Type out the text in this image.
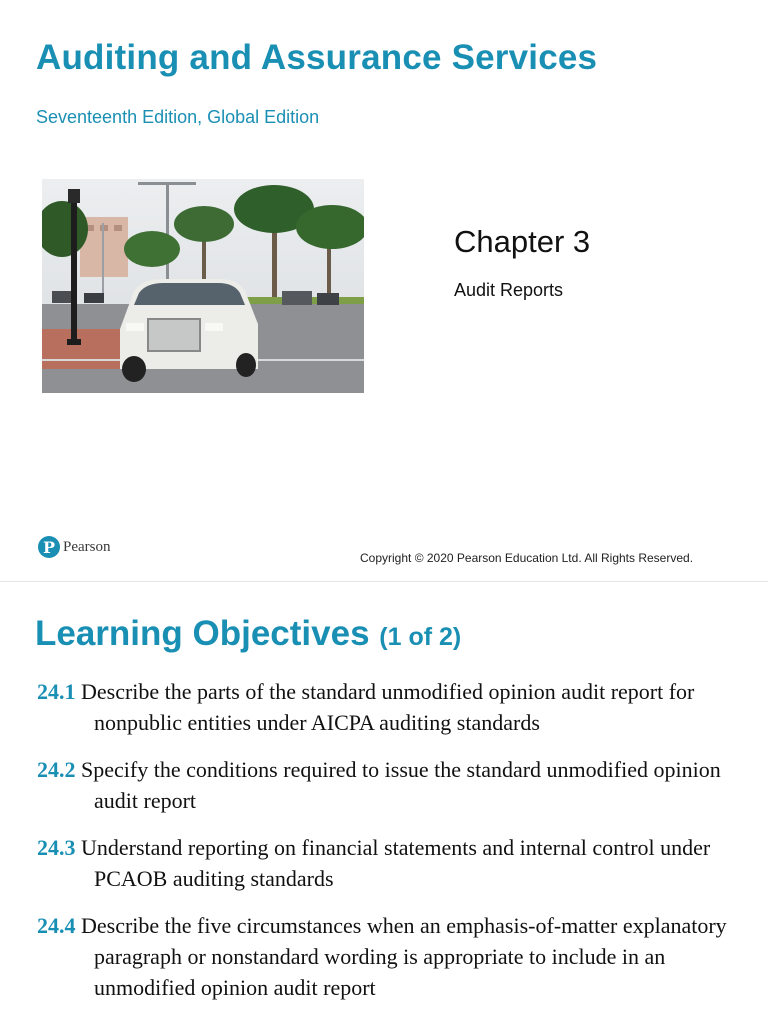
Auditing and Assurance Services
Seventeenth Edition, Global Edition
Chapter 3
Audit Reports
P Pearson
Copyright © 2020 Pearson Education Ltd. All Rights Reserved.
Learning Objectives (1 of 2)
24.1 Describe the parts of the standard unmodified opinion audit report for nonpublic entities under AICPA auditing standards
24.2 Specify the conditions required to issue the standard unmodified opinion audit report
24.3 Understand reporting on financial statements and internal control under PCAOB auditing standards
24.4 Describe the five circumstances when an emphasis-of-matter explanatory paragraph or nonstandard wording is appropriate to include in an unmodified opinion audit report
